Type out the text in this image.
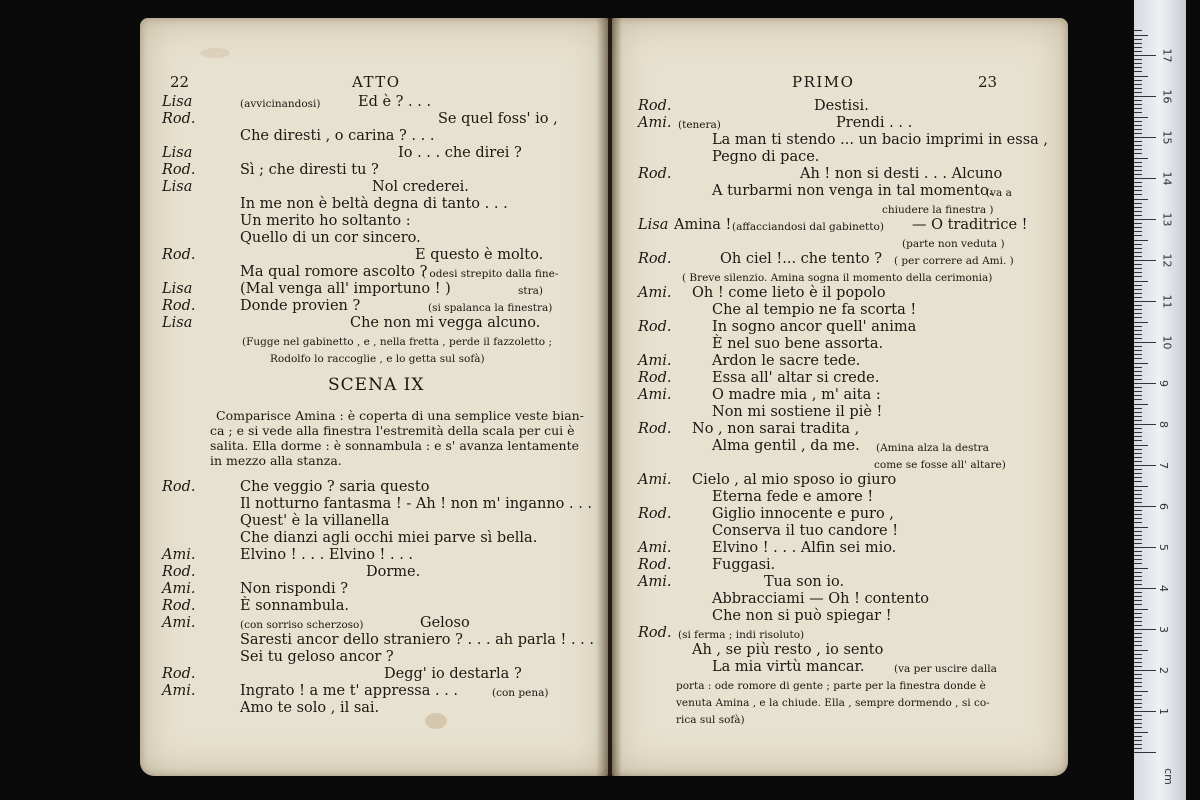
22	ATTO
Lisa	(avvicinandosi)	Ed è ? . . .
Rod.	Se quel foss' io ,
Che diresti , o carina ? . . .
Lisa	Io . . . che direi ?
Rod.	Sì ; che diresti tu ?
Lisa	Nol crederei.
In me non è beltà degna di tanto . . .
Un merito ho soltanto :
Quello di un cor sincero.
Rod.	E questo è molto.
Ma qual romore ascolto ?
( odesi strepito dalla fine-
Lisa	(Mal venga all' importuno ! )	stra)
Rod.	Donde provien ?	(si spalanca la finestra)
Lisa	Che non mi vegga alcuno.
(Fugge nel gabinetto , e , nella fretta , perde il fazzoletto ;
Rodolfo lo raccoglie , e lo getta sul sofà)
SCENA IX
Comparisce Amina : è coperta di una semplice veste bian-
ca ; e si vede alla finestra l'estremità della scala per cui è
salita. Ella dorme : è sonnambula : e s' avanza lentamente
in mezzo alla stanza.
Rod.	Che veggio ? saria questo
Il notturno fantasma ! - Ah ! non m' inganno . . .
Quest' è la villanella
Che dianzi agli occhi miei parve sì bella.
Ami.	Elvino ! . . . Elvino ! . . .
Rod.	Dorme.
Ami.	Non rispondi ?
Rod.	È sonnambula.
Ami.	(con sorriso scherzoso)	Geloso
Saresti ancor dello straniero ? . . . ah parla ! . . .
Sei tu geloso ancor ?
Rod.	Degg' io destarla ?
Ami.	(con pena)
Ingrato ! a me t' appressa . . .
Amo te solo , il sai.
PRIMO	23
Rod.	Destisi.
Ami.	Prendi . . .
(tenera)
La man ti stendo ... un bacio imprimi in essa ,
Pegno di pace.
Rod.	Ah ! non si desti . . . Alcuno
A turbarmi non venga in tal momento.
(va a
chiudere la finestra )
Lisa Amina ! (affacciandosi dal gabinetto) — O traditrice !
(parte non veduta )
Rod.	Oh ciel !... che tento ? ( per correre ad Ami. )
( Breve silenzio. Amina sogna il momento della cerimonia)
Ami. Oh ! come lieto è il popolo
Che al tempio ne fa scorta !
Rod.	In sogno ancor quell' anima
È nel suo bene assorta.
Ami.	Ardon le sacre tede.
Rod.	Essa all' altar si crede.
Ami.	O madre mia , m' aita :
Non mi sostiene il piè !
Rod. No , non sarai tradita ,
Alma gentil , da me. (Amina alza la destra
come se fosse all' altare)
Ami. Cielo , al mio sposo io giuro
Eterna fede e amore !
Rod.	Giglio innocente e puro ,
Conserva il tuo candore !
Ami.	Elvino ! . . . Alfin sei mio.
Rod.	Fuggasi.
Ami.	Tua son io.
Abbracciami — Oh ! contento
Che non si può spiegar !
Rod. (si ferma ; indi risoluto)
Ah , se più resto , io sento
La mia virtù mancar.	(va per uscire dalla
porta : ode romore di gente ; parte per la finestra donde è
venuta Amina , e la chiude. Ella , sempre dormendo , si co-
rica sul sofà)
17
16
15
14
13
12
11
10
9
8
7
6
5
4
3
2
1
cm
